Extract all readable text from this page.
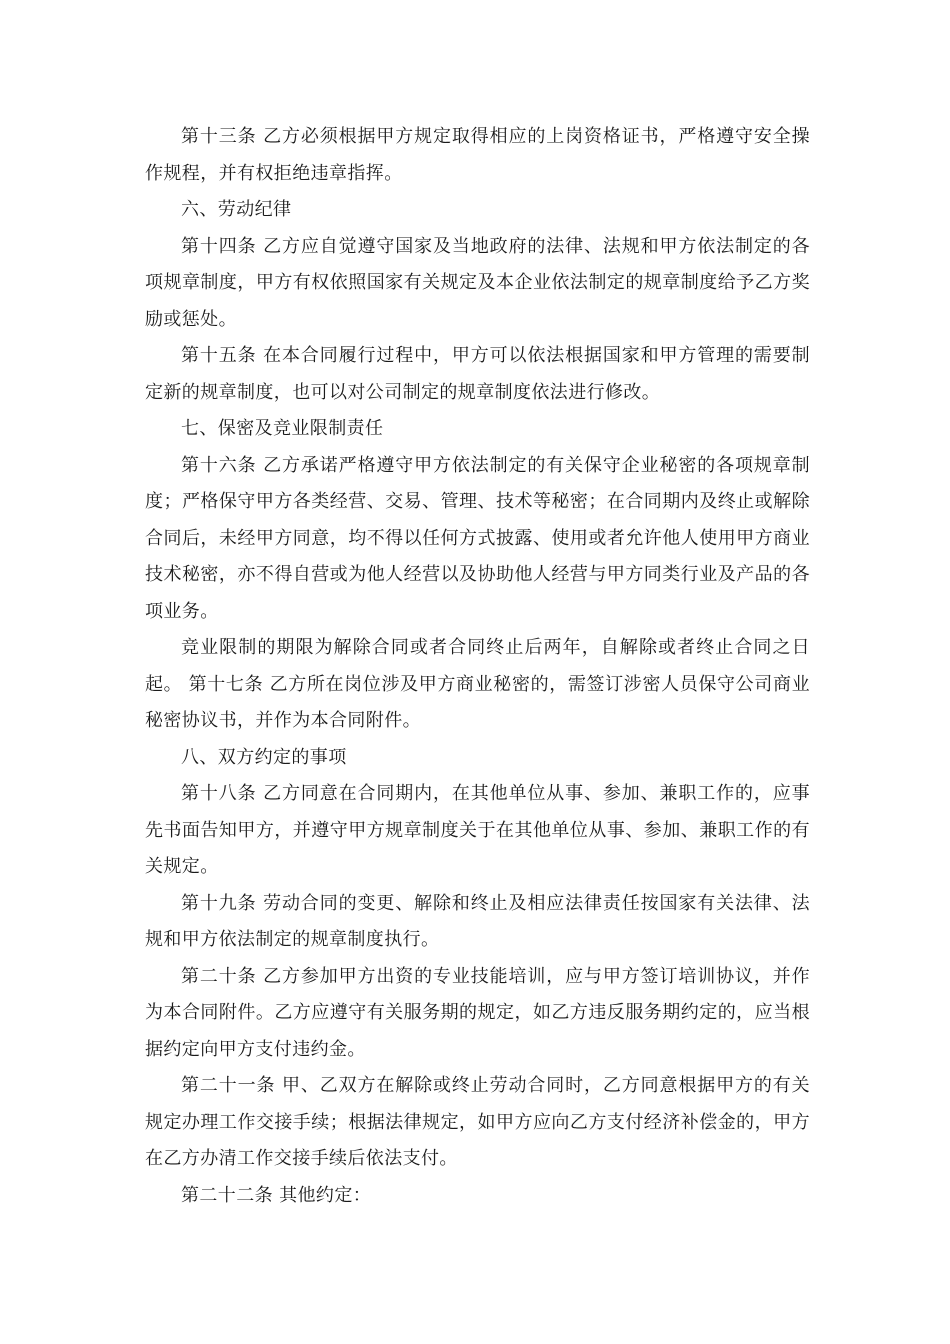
第十三条 乙方必须根据甲方规定取得相应的上岗资格证书，严格遵守安全操作规程，并有权拒绝违章指挥。

六、劳动纪律

第十四条 乙方应自觉遵守国家及当地政府的法律、法规和甲方依法制定的各项规章制度，甲方有权依照国家有关规定及本企业依法制定的规章制度给予乙方奖励或惩处。

第十五条 在本合同履行过程中，甲方可以依法根据国家和甲方管理的需要制定新的规章制度，也可以对公司制定的规章制度依法进行修改。

七、保密及竞业限制责任

第十六条 乙方承诺严格遵守甲方依法制定的有关保守企业秘密的各项规章制度；严格保守甲方各类经营、交易、管理、技术等秘密；在合同期内及终止或解除合同后，未经甲方同意，均不得以任何方式披露、使用或者允许他人使用甲方商业技术秘密，亦不得自营或为他人经营以及协助他人经营与甲方同类行业及产品的各项业务。

竞业限制的期限为解除合同或者合同终止后两年，自解除或者终止合同之日起。 第十七条 乙方所在岗位涉及甲方商业秘密的，需签订涉密人员保守公司商业秘密协议书，并作为本合同附件。

八、双方约定的事项

第十八条 乙方同意在合同期内，在其他单位从事、参加、兼职工作的，应事先书面告知甲方，并遵守甲方规章制度关于在其他单位从事、参加、兼职工作的有关规定。

第十九条 劳动合同的变更、解除和终止及相应法律责任按国家有关法律、法规和甲方依法制定的规章制度执行。

第二十条 乙方参加甲方出资的专业技能培训，应与甲方签订培训协议，并作为本合同附件。乙方应遵守有关服务期的规定，如乙方违反服务期约定的，应当根据约定向甲方支付违约金。

第二十一条 甲、乙双方在解除或终止劳动合同时，乙方同意根据甲方的有关规定办理工作交接手续；根据法律规定，如甲方应向乙方支付经济补偿金的，甲方在乙方办清工作交接手续后依法支付。

第二十二条 其他约定：
